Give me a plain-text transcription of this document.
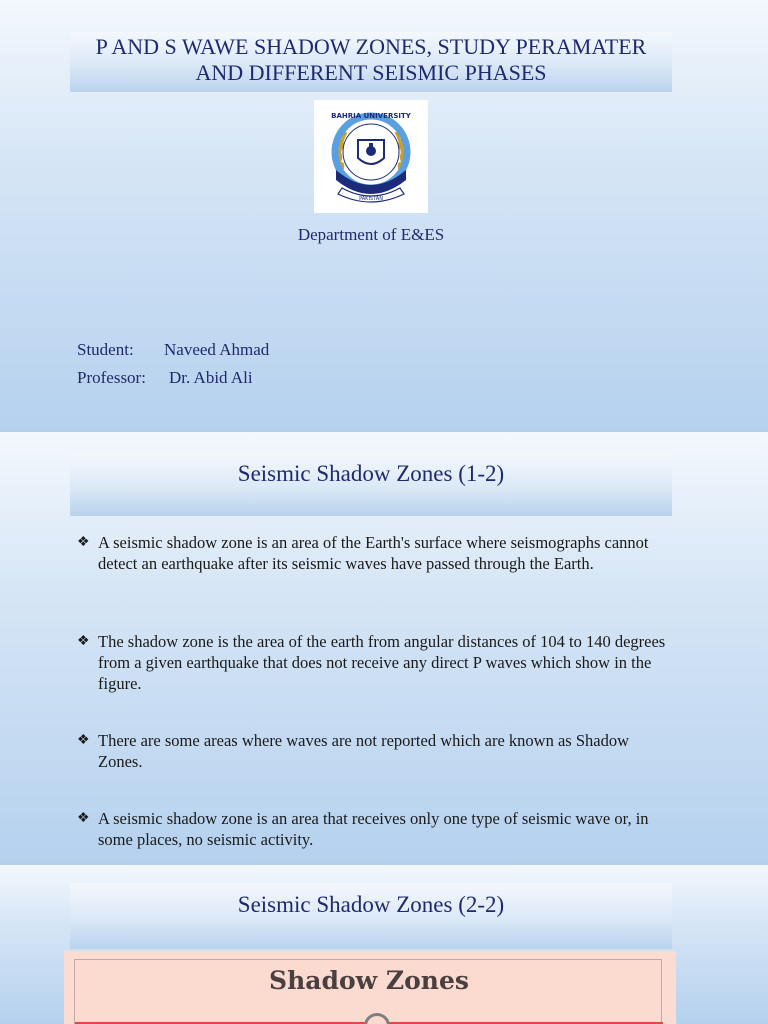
P AND S WAWE SHADOW ZONES, STUDY PERAMATER AND DIFFERENT SEISMIC PHASES
BAHRIA UNIVERSITY
PAKISTAN
Department of E&ES
Student: Naveed Ahmad
Professor: Dr. Abid Ali
Seismic Shadow Zones (1-2)
❖ A seismic shadow zone is an area of the Earth's surface where seismographs cannot detect an earthquake after its seismic waves have passed through the Earth.
❖ The shadow zone is the area of the earth from angular distances of 104 to 140 degrees from a given earthquake that does not receive any direct P waves which show in the figure.
❖ There are some areas where waves are not reported which are known as Shadow Zones.
❖ A seismic shadow zone is an area that receives only one type of seismic wave or, in some places, no seismic activity.
Seismic Shadow Zones (2-2)
Shadow Zones
